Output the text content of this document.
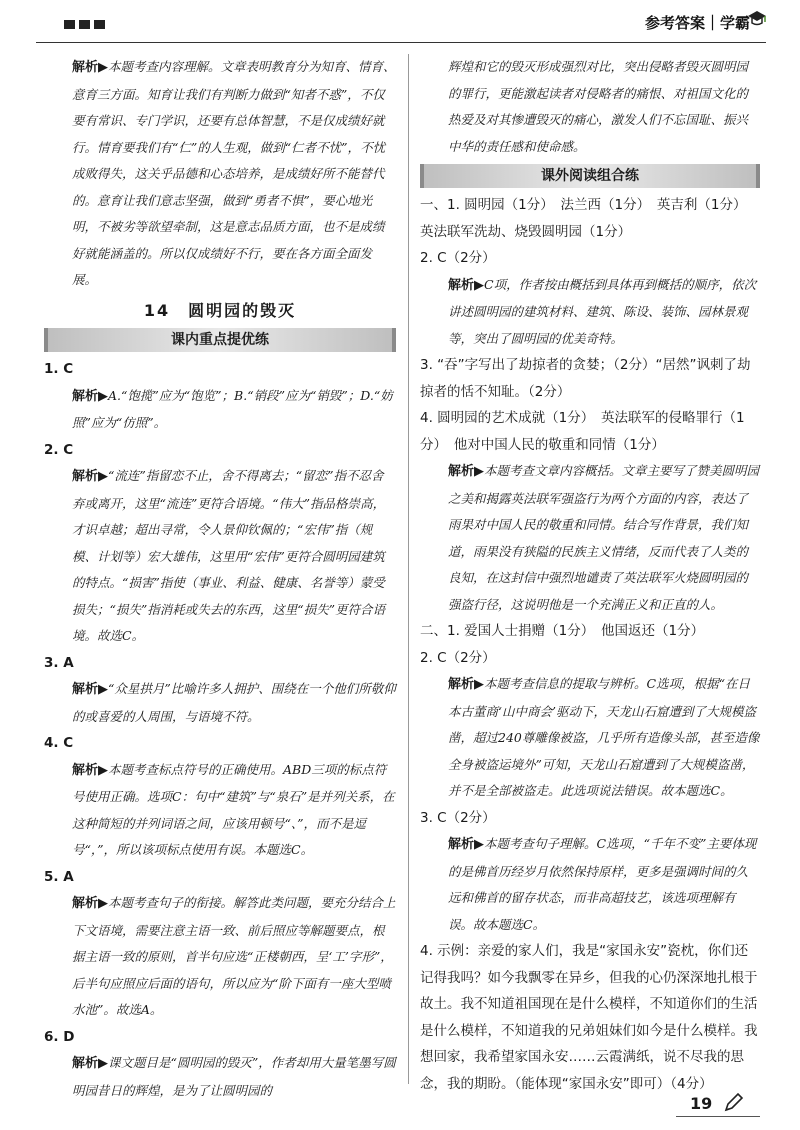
参考答案｜学霸

解析▶本题考查内容理解。文章表明教育分为知育、情育、意育三方面。知育让我们有判断力做到“知者不惑”，不仅要有常识、专门学识，还要有总体智慧，不是仅成绩好就行。情育要我们有“仁”的人生观，做到“仁者不忧”，不忧成败得失，这关乎品德和心态培养，是成绩好所不能替代的。意育让我们意志坚强，做到“勇者不惧”，要心地光明，不被劣等欲望牵制，这是意志品质方面，也不是成绩好就能涵盖的。所以仅成绩好不行，要在各方面全面发展。

14　圆明园的毁灭
课内重点提优练

1. C

解析▶A.“饱揽”应为“饱览”；B.“销段”应为“销毁”；D.“妨照”应为“仿照”。

2. C

解析▶“流连”指留恋不止，舍不得离去；“留恋”指不忍舍弃或离开，这里“流连”更符合语境。“伟大”指品格崇高，才识卓越；超出寻常，令人景仰钦佩的；“宏伟”指（规模、计划等）宏大雄伟，这里用“宏伟”更符合圆明园建筑的特点。“损害”指使（事业、利益、健康、名誉等）蒙受损失；“损失”指消耗或失去的东西，这里“损失”更符合语境。故选C。

3. A

解析▶“众星拱月”比喻许多人拥护、围绕在一个他们所敬仰的或喜爱的人周围，与语境不符。

4. C

解析▶本题考查标点符号的正确使用。ABD三项的标点符号使用正确。选项C：句中“建筑”与“泉石”是并列关系，在这种简短的并列词语之间，应该用顿号“、”，而不是逗号“，”，所以该项标点使用有误。本题选C。

5. A

解析▶本题考查句子的衔接。解答此类问题，要充分结合上下文语境，需要注意主语一致、前后照应等解题要点，根据主语一致的原则，首半句应选“正楼朝西，呈‘工’字形”，后半句应照应后面的语句，所以应为“阶下面有一座大型喷水池”。故选A。

6. D

解析▶课文题目是“圆明园的毁灭”，作者却用大量笔墨写圆明园昔日的辉煌，是为了让圆明园的

辉煌和它的毁灭形成强烈对比，突出侵略者毁灭圆明园的罪行，更能激起读者对侵略者的痛恨、对祖国文化的热爱及对其惨遭毁灭的痛心，激发人们不忘国耻、振兴中华的责任感和使命感。

课外阅读组合练

一、1. 圆明园（1分）　法兰西（1分）　英吉利（1分）　英法联军洗劫、烧毁圆明园（1分）

2. C（2分）

解析▶C项，作者按由概括到具体再到概括的顺序，依次讲述圆明园的建筑材料、建筑、陈设、装饰、园林景观等，突出了圆明园的优美奇特。

3. “吞”字写出了劫掠者的贪婪；（2分）“居然”讽刺了劫掠者的恬不知耻。（2分）

4. 圆明园的艺术成就（1分）　英法联军的侵略罪行（1分）　他对中国人民的敬重和同情（1分）

解析▶本题考查文章内容概括。文章主要写了赞美圆明园之美和揭露英法联军强盗行为两个方面的内容，表达了雨果对中国人民的敬重和同情。结合写作背景，我们知道，雨果没有狭隘的民族主义情绪，反而代表了人类的良知，在这封信中强烈地谴责了英法联军火烧圆明园的强盗行径，这说明他是一个充满正义和正直的人。

二、1. 爱国人士捐赠（1分）　他国返还（1分）

2. C（2分）

解析▶本题考查信息的提取与辨析。C选项，根据“在日本古董商‘山中商会’驱动下，天龙山石窟遭到了大规模盗凿，超过240尊雕像被盗，几乎所有造像头部，甚至造像全身被盗运境外”可知，天龙山石窟遭到了大规模盗凿，并不是全部被盗走。此选项说法错误。故本题选C。

3. C（2分）

解析▶本题考查句子理解。C选项，“千年不变”主要体现的是佛首历经岁月依然保持原样，更多是强调时间的久远和佛首的留存状态，而非高超技艺，该选项理解有误。故本题选C。

4. 示例：亲爱的家人们，我是“家国永安”瓷枕，你们还记得我吗？如今我飘零在异乡，但我的心仍深深地扎根于故土。我不知道祖国现在是什么模样，不知道你们的生活是什么模样，不知道我的兄弟姐妹们如今是什么模样。我想回家，我希望家国永安……云霞满纸，说不尽我的思念，我的期盼。（能体现“家国永安”即可）（4分）

19
